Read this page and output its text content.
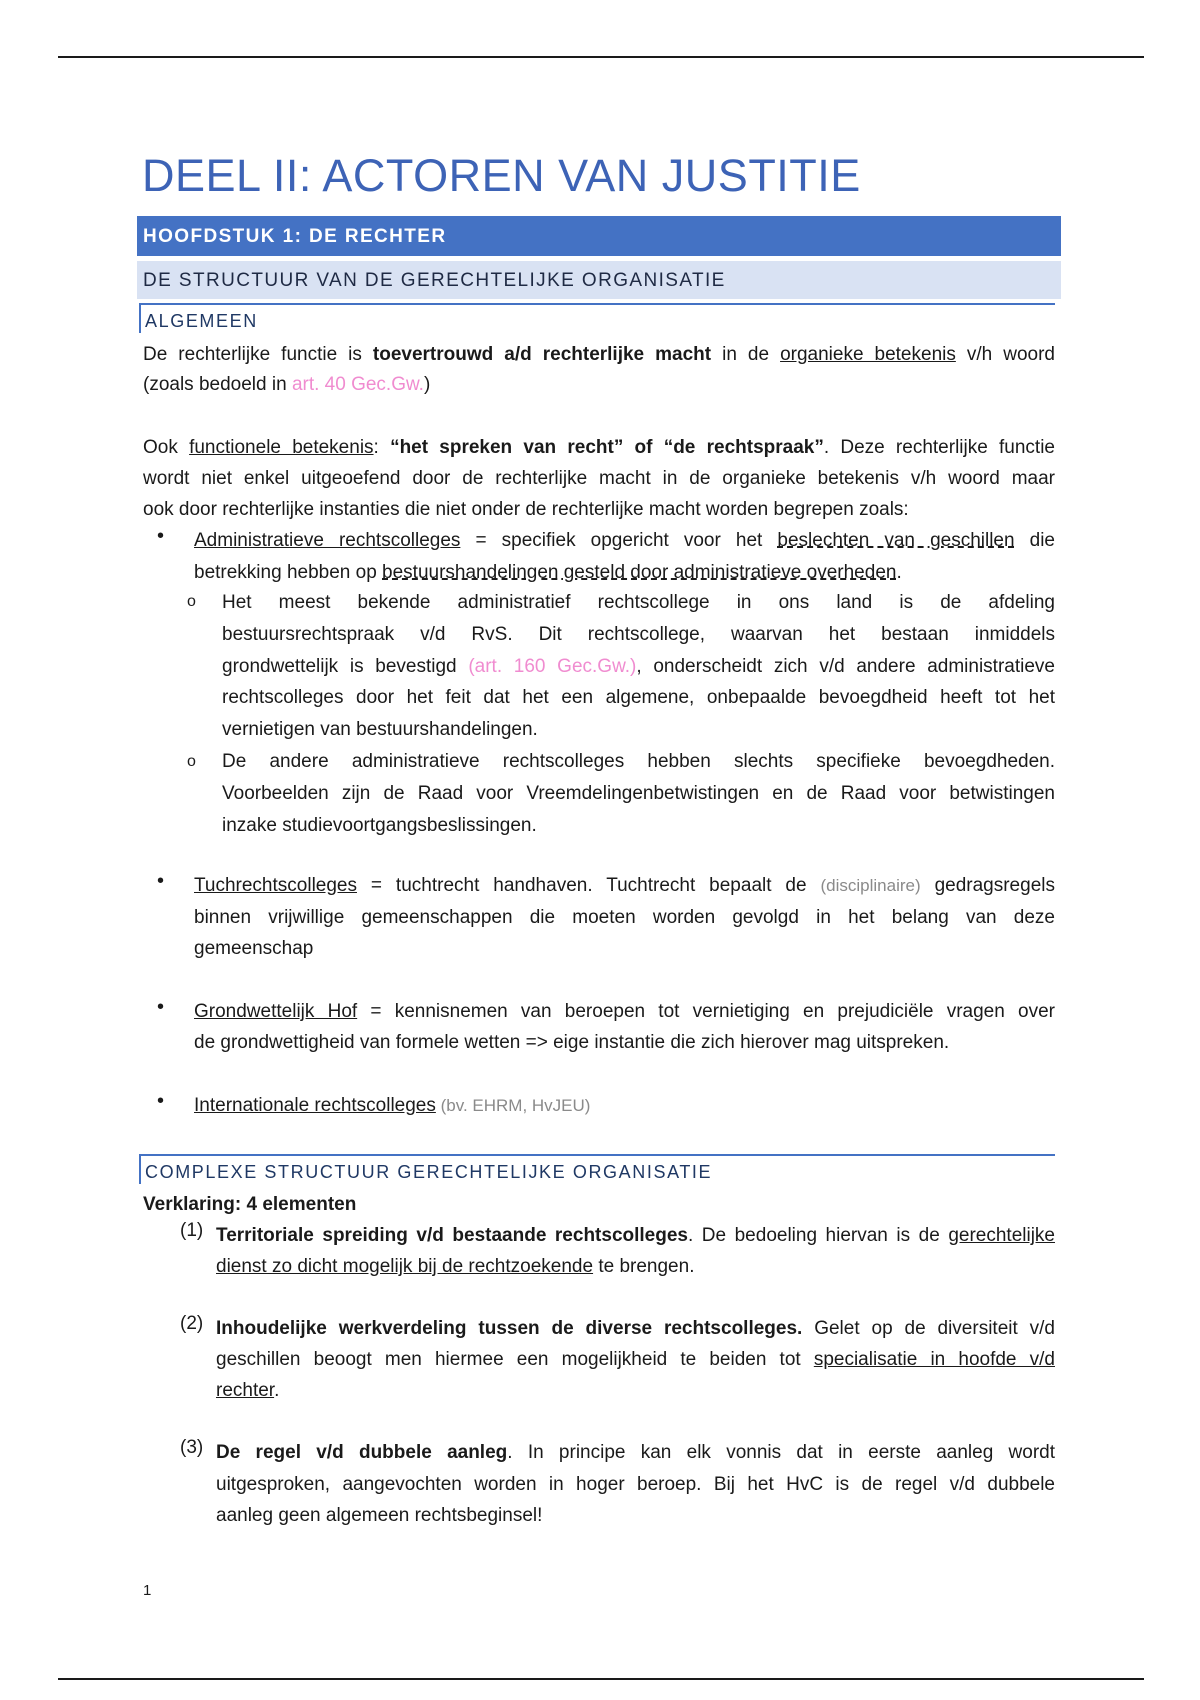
DEEL II: ACTOREN VAN JUSTITIE
HOOFDSTUK 1: DE RECHTER
DE STRUCTUUR VAN DE GERECHTELIJKE ORGANISATIE
ALGEMEEN
De rechterlijke functie is toevertrouwd a/d rechterlijke macht in de organieke betekenis v/h woord
(zoals bedoeld in art. 40 Gec.Gw.)
Ook functionele betekenis: “het spreken van recht” of “de rechtspraak”. Deze rechterlijke functie
wordt niet enkel uitgeoefend door de rechterlijke macht in de organieke betekenis v/h woord maar
ook door rechterlijke instanties die niet onder de rechterlijke macht worden begrepen zoals:
• Administratieve rechtscolleges = specifiek opgericht voor het beslechten van geschillen die
betrekking hebben op bestuurshandelingen gesteld door administratieve overheden.
o Het meest bekende administratief rechtscollege in ons land is de afdeling
bestuursrechtspraak v/d RvS. Dit rechtscollege, waarvan het bestaan inmiddels
grondwettelijk is bevestigd (art. 160 Gec.Gw.), onderscheidt zich v/d andere administratieve
rechtscolleges door het feit dat het een algemene, onbepaalde bevoegdheid heeft tot het
vernietigen van bestuurshandelingen.
o De andere administratieve rechtscolleges hebben slechts specifieke bevoegdheden.
Voorbeelden zijn de Raad voor Vreemdelingenbetwistingen en de Raad voor betwistingen
inzake studievoortgangsbeslissingen.
• Tuchrechtscolleges = tuchtrecht handhaven. Tuchtrecht bepaalt de (disciplinaire) gedragsregels
binnen vrijwillige gemeenschappen die moeten worden gevolgd in het belang van deze
gemeenschap
• Grondwettelijk Hof = kennisnemen van beroepen tot vernietiging en prejudiciële vragen over
de grondwettigheid van formele wetten => eige instantie die zich hierover mag uitspreken.
• Internationale rechtscolleges (bv. EHRM, HvJEU)
COMPLEXE STRUCTUUR GERECHTELIJKE ORGANISATIE
Verklaring: 4 elementen
(1) Territoriale spreiding v/d bestaande rechtscolleges. De bedoeling hiervan is de gerechtelijke
dienst zo dicht mogelijk bij de rechtzoekende te brengen.
(2) Inhoudelijke werkverdeling tussen de diverse rechtscolleges. Gelet op de diversiteit v/d
geschillen beoogt men hiermee een mogelijkheid te beiden tot specialisatie in hoofde v/d
rechter.
(3) De regel v/d dubbele aanleg. In principe kan elk vonnis dat in eerste aanleg wordt
uitgesproken, aangevochten worden in hoger beroep. Bij het HvC is de regel v/d dubbele
aanleg geen algemeen rechtsbeginsel!
1
